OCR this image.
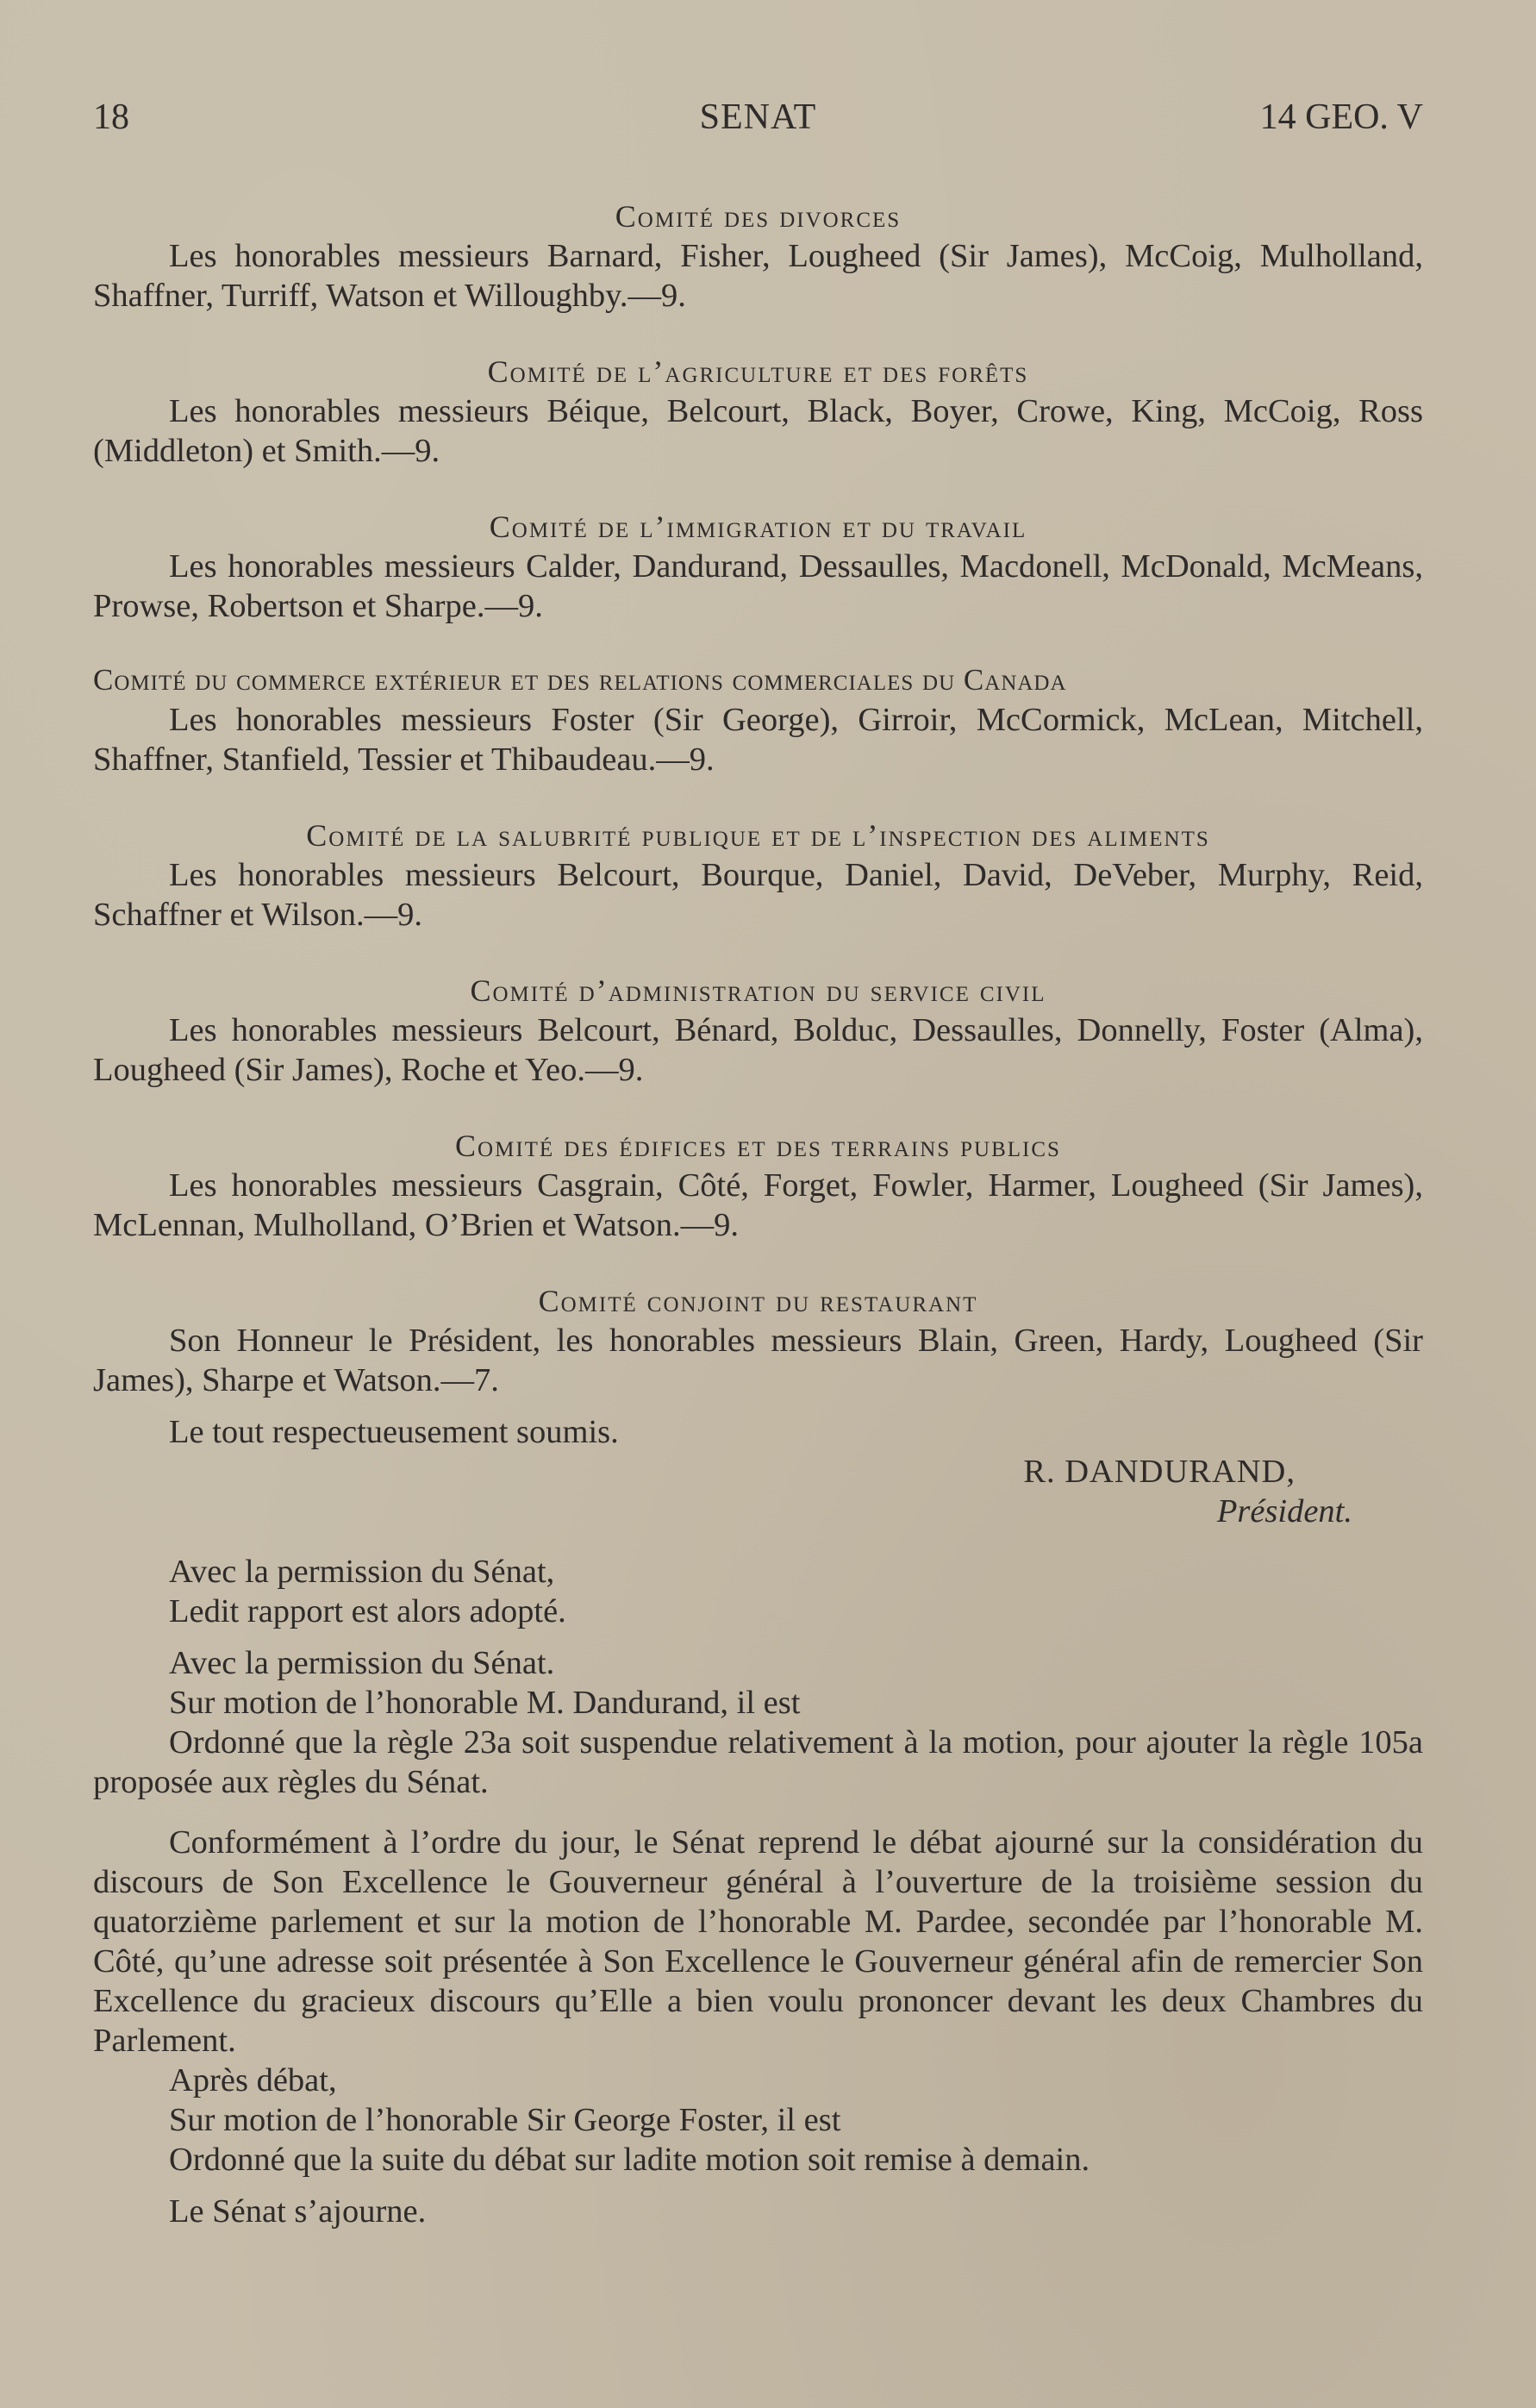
18	SENAT	14 GEO. V
Comité des divorces

Les honorables messieurs Barnard, Fisher, Lougheed (Sir James), McCoig, Mulholland, Shaffner, Turriff, Watson et Willoughby.—9.

Comité de l’agriculture et des forêts

Les honorables messieurs Béique, Belcourt, Black, Boyer, Crowe, King, McCoig, Ross (Middleton) et Smith.—9.

Comité de l’immigration et du travail

Les honorables messieurs Calder, Dandurand, Dessaulles, Macdonell, McDonald, McMeans, Prowse, Robertson et Sharpe.—9.

Comité du commerce extérieur et des relations commerciales du Canada

Les honorables messieurs Foster (Sir George), Girroir, McCormick, McLean, Mitchell, Shaffner, Stanfield, Tessier et Thibaudeau.—9.

Comité de la salubrité publique et de l’inspection des aliments

Les honorables messieurs Belcourt, Bourque, Daniel, David, DeVeber, Murphy, Reid, Schaffner et Wilson.—9.

Comité d’administration du service civil

Les honorables messieurs Belcourt, Bénard, Bolduc, Dessaulles, Donnelly, Foster (Alma), Lougheed (Sir James), Roche et Yeo.—9.

Comité des édifices et des terrains publics

Les honorables messieurs Casgrain, Côté, Forget, Fowler, Harmer, Lougheed (Sir James), McLennan, Mulholland, O’Brien et Watson.—9.

Comité conjoint du restaurant

Son Honneur le Président, les honorables messieurs Blain, Green, Hardy, Lougheed (Sir James), Sharpe et Watson.—7.

Le tout respectueusement soumis.

R. DANDURAND,
Président.
Avec la permission du Sénat,
Ledit rapport est alors adopté.
Avec la permission du Sénat.
Sur motion de l’honorable M. Dandurand, il est

Ordonné que la règle 23a soit suspendue relativement à la motion, pour ajouter la règle 105a proposée aux règles du Sénat.

Conformément à l’ordre du jour, le Sénat reprend le débat ajourné sur la considération du discours de Son Excellence le Gouverneur général à l’ouverture de la troisième session du quatorzième parlement et sur la motion de l’honorable M. Pardee, secondée par l’honorable M. Côté, qu’une adresse soit présentée à Son Excellence le Gouverneur général afin de remercier Son Excellence du gracieux discours qu’Elle a bien voulu prononcer devant les deux Chambres du Parlement.

Après débat,
Sur motion de l’honorable Sir George Foster, il est

Ordonné que la suite du débat sur ladite motion soit remise à demain.

Le Sénat s’ajourne.
